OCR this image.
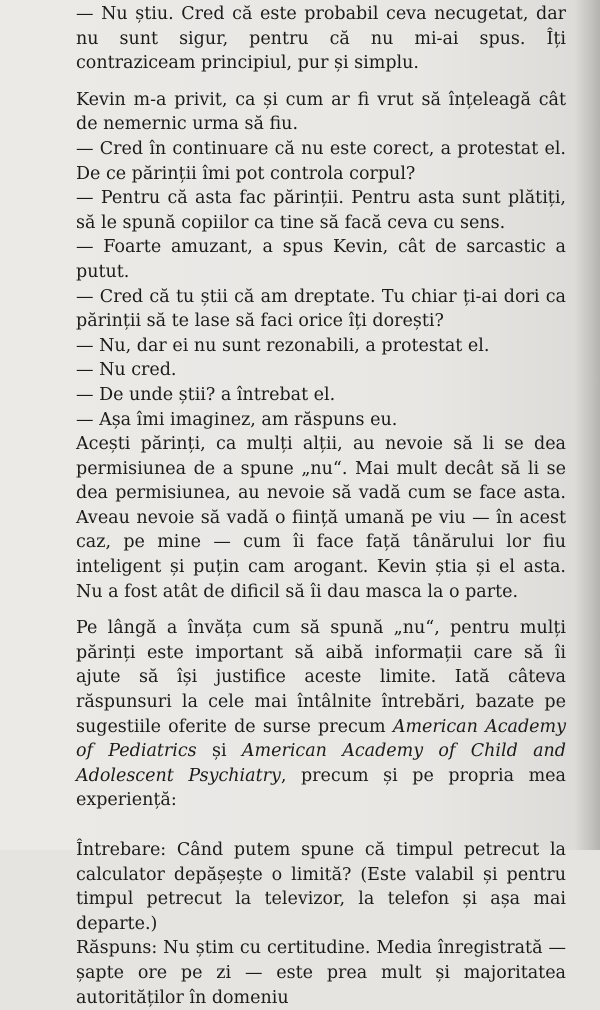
— Nu știu. Cred că este probabil ceva necugetat, dar nu sunt sigur, pentru că nu mi-ai spus. Îți contraziceam principiul, pur și simplu.

Kevin m-a privit, ca și cum ar fi vrut să înțeleagă cât de nemernic urma să fiu.

— Cred în continuare că nu este corect, a protestat el. De ce părinții îmi pot controla corpul?

— Pentru că asta fac părinții. Pentru asta sunt plătiți, să le spună copiilor ca tine să facă ceva cu sens.

— Foarte amuzant, a spus Kevin, cât de sarcastic a putut.

— Cred că tu știi că am dreptate. Tu chiar ți-ai dori ca părinții să te lase să faci orice îți dorești?

— Nu, dar ei nu sunt rezonabili, a protestat el.

— Nu cred.

— De unde știi? a întrebat el.

— Așa îmi imaginez, am răspuns eu.

Acești părinți, ca mulți alții, au nevoie să li se dea permisiunea de a spune „nu“. Mai mult decât să li se dea permisiunea, au nevoie să vadă cum se face asta. Aveau nevoie să vadă o ființă umană pe viu — în acest caz, pe mine — cum îi face față tânărului lor fiu inteligent și puțin cam arogant. Kevin știa și el asta. Nu a fost atât de dificil să îi dau masca la o parte.

Pe lângă a învăța cum să spună „nu“, pentru mulți părinți este important să aibă informații care să îi ajute să își justifice aceste limite. Iată câteva răspunsuri la cele mai întâlnite întrebări, bazate pe sugestiile oferite de surse precum American Academy of Pediatrics și American Academy of Child and Adolescent Psychiatry, precum și pe propria mea experiență:

Întrebare: Când putem spune că timpul petrecut la calculator depășește o limită? (Este valabil și pentru timpul petrecut la televizor, la telefon și așa mai departe.)

Răspuns: Nu știm cu certitudine. Media înregistrată — șapte ore pe zi — este prea mult și majoritatea autorităților în domeniu
